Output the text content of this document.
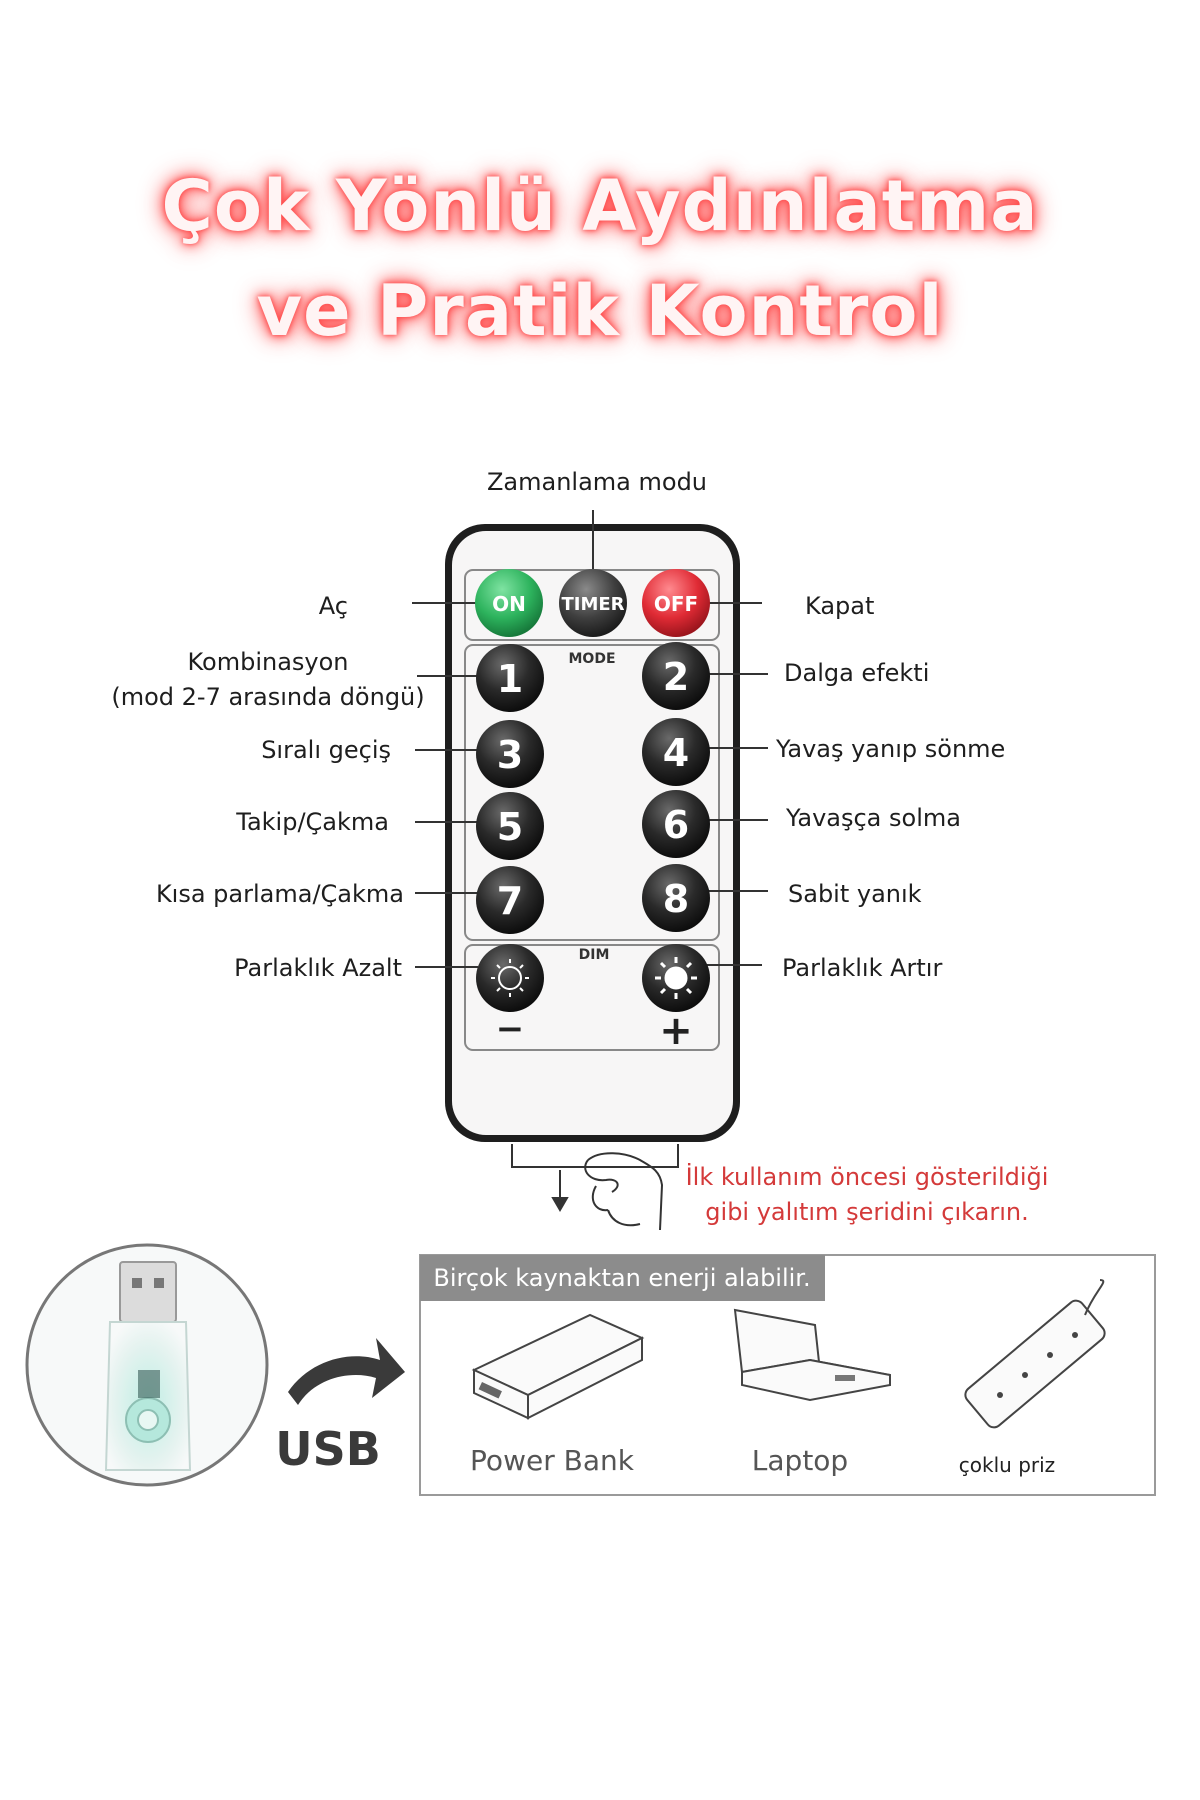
Çok Yönlü Aydınlatma
ve Pratik Kontrol
MODE
DIM
ON TIMER OFF
1	2
3	4
5	6
7	8
−	+
Zamanlama modu
Aç	Kapat
Kombinasyon
(mod 2-7 arasında döngü)
Dalga efekti
Sıralı geçiş	Yavaş yanıp sönme
Takip/Çakma	Yavaşça solma
Kısa parlama/Çakma	Sabit yanık
Parlaklık Azalt	Parlaklık Artır
İlk kullanım öncesi gösterildiği
gibi yalıtım şeridini çıkarın.
USB
Birçok kaynaktan enerji alabilir.
Power Bank	Laptop	çoklu priz
